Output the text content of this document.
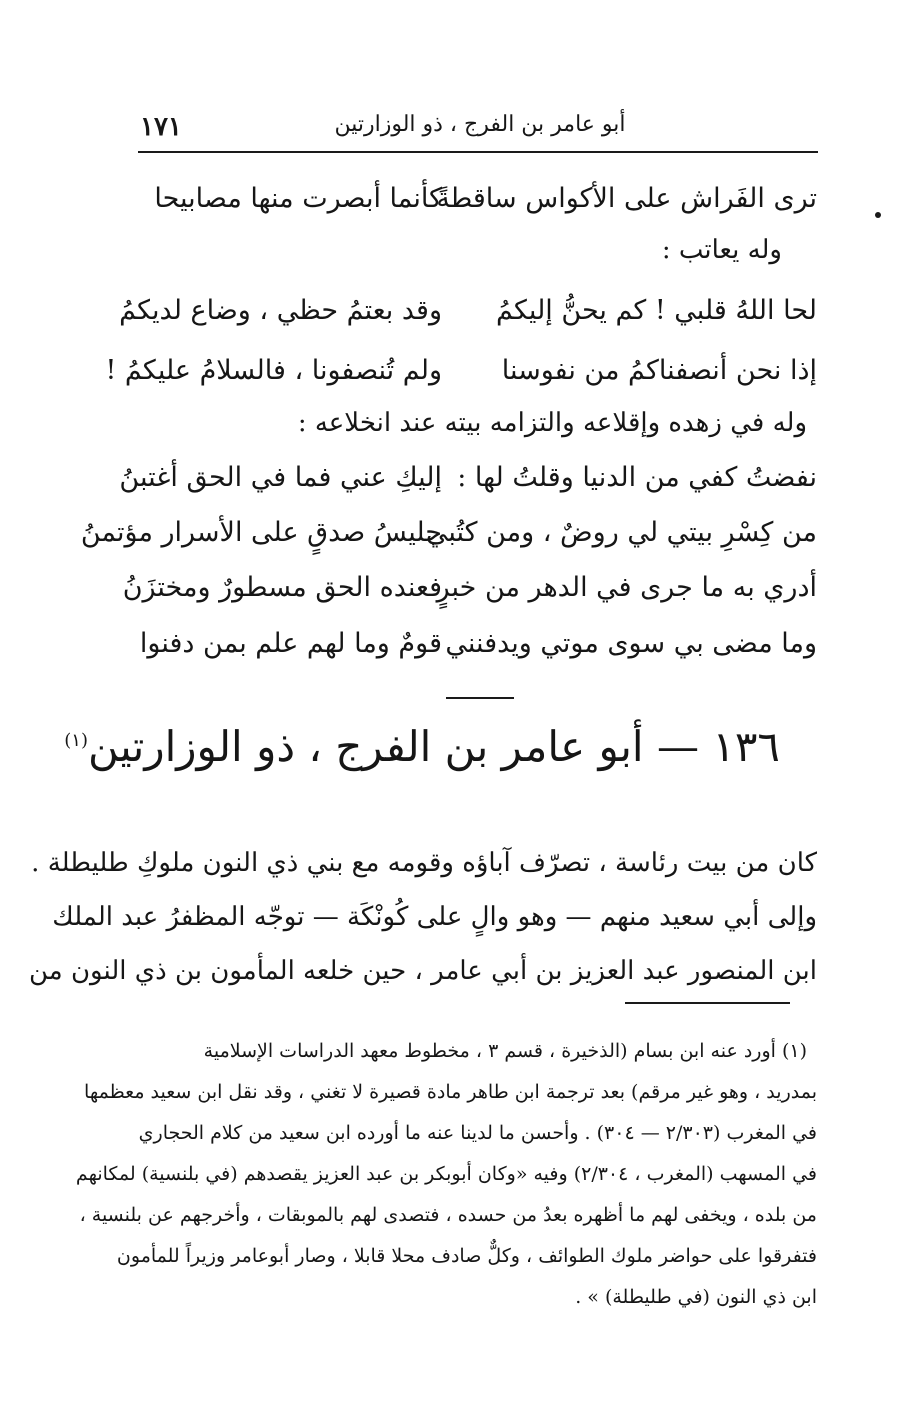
١٧١	أبو عامر بن الفرج ، ذو الوزارتين
ترى الفَراش على الأكواس ساقطةً
كأنما أبصرت منها مصابيحا
وله يعاتب :
لحا اللهُ قلبي ! كم يحنُّ إليكمُ
وقد بعتمُ حظي ، وضاع لديكمُ
إذا نحن أنصفناكمُ من نفوسنا
ولم تُنصفونا ، فالسلامُ عليكمُ !
وله في زهده وإقلاعه والتزامه بيته عند انخلاعه :
نفضتُ كفي من الدنيا وقلتُ لها :
إليكِ عني فما في الحق أغتبنُ
من كِسْرِ بيتي لي روضٌ ، ومن كتُبي
جليسُ صدقٍ على الأسرار مؤتمنُ
أدري به ما جرى في الدهر من خبرٍ
فعنده الحق مسطورٌ ومختزَنُ
وما مضى بي سوى موتي ويدفنني
قومٌ وما لهم علم بمن دفنوا
١٣٦ — أبو عامر بن الفرج ، ذو الوزارتين$^{(١)}$
كان من بيت رئاسة ، تصرّف آباؤه وقومه مع بني ذي النون ملوكِ طليطلة .
وإلى أبي سعيد منهم — وهو والٍ على كُونْكَة — توجّه المظفرُ عبد الملك
ابن المنصور عبد العزيز بن أبي عامر ، حين خلعه المأمون بن ذي النون من
(١) أورد عنه ابن بسام (الذخيرة ، قسم ٣ ، مخطوط معهد الدراسات الإسلامية
بمدريد ، وهو غير مرقم) بعد ترجمة ابن طاهر مادة قصيرة لا تغني ، وقد نقل ابن سعيد معظمها
في المغرب (٢/٣٠٣ — ٣٠٤) . وأحسن ما لدينا عنه ما أورده ابن سعيد من كلام الحجاري
في المسهب (المغرب ، ٢/٣٠٤) وفيه «وكان أبوبكر بن عبد العزيز يقصدهم (في بلنسية) لمكانهم
من بلده ، ويخفى لهم ما أظهره بعدُ من حسده ، فتصدى لهم بالموبقات ، وأخرجهم عن بلنسية ،
فتفرقوا على حواضر ملوك الطوائف ، وكلٌّ صادف محلا قابلا ، وصار أبوعامر وزيراً للمأمون
ابن ذي النون (في طليطلة) » .
